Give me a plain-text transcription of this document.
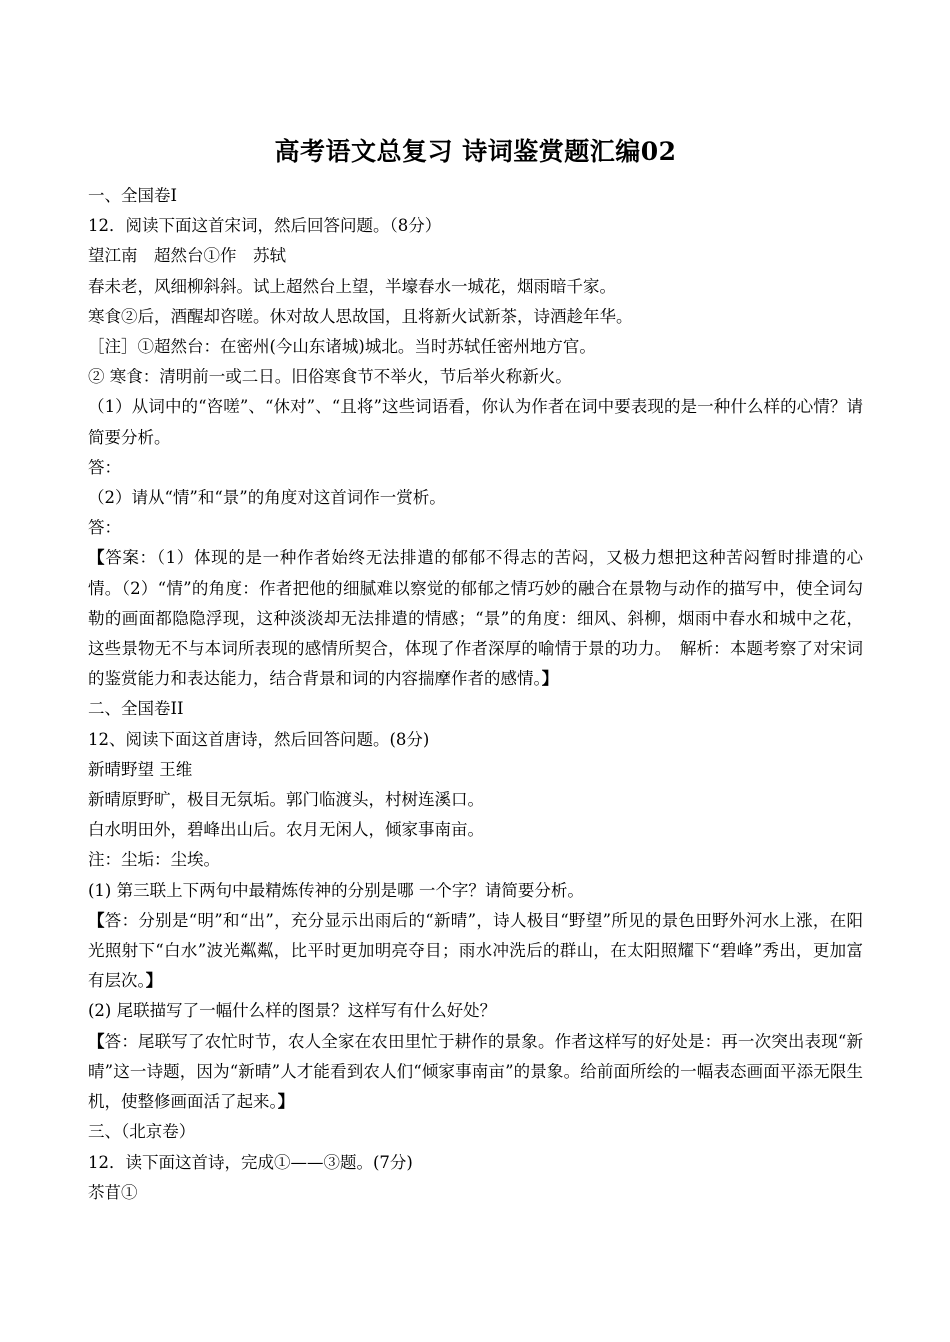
高考语文总复习 诗词鉴赏题汇编02

一、全国卷Ⅰ

12．阅读下面这首宋词，然后回答问题。（8分）

望江南　超然台①作　苏轼

春未老，风细柳斜斜。试上超然台上望，半壕春水一城花，烟雨暗千家。

寒食②后，酒醒却咨嗟。休对故人思故国，且将新火试新茶，诗酒趁年华。

［注］①超然台：在密州(今山东诸城)城北。当时苏轼任密州地方官。

② 寒食：清明前一或二日。旧俗寒食节不举火，节后举火称新火。

（1）从词中的“咨嗟”、“休对”、“且将”这些词语看，你认为作者在词中要表现的是一种什么样的心情？请简要分析。

答：

（2）请从“情”和“景”的角度对这首词作一赏析。

答：

【答案：（1）体现的是一种作者始终无法排遣的郁郁不得志的苦闷，又极力想把这种苦闷暂时排遣的心情。（2）“情”的角度：作者把他的细腻难以察觉的郁郁之情巧妙的融合在景物与动作的描写中，使全词勾勒的画面都隐隐浮现，这种淡淡却无法排遣的情感；“景”的角度：细风、斜柳，烟雨中春水和城中之花，这些景物无不与本词所表现的感情所契合，体现了作者深厚的喻情于景的功力。　解析：本题考察了对宋词的鉴赏能力和表达能力，结合背景和词的内容揣摩作者的感情。】

二、全国卷II

12、阅读下面这首唐诗，然后回答问题。(8分)

新晴野望 王维

新晴原野旷，极目无氛垢。郭门临渡头，村树连溪口。

白水明田外，碧峰出山后。农月无闲人，倾家事南亩。

注：尘垢：尘埃。

(1) 第三联上下两句中最精炼传神的分别是哪 一个字？请简要分析。

【答：分别是“明”和“出”，充分显示出雨后的“新晴”，诗人极目“野望”所见的景色田野外河水上涨，在阳光照射下“白水”波光粼粼，比平时更加明亮夺目；雨水冲洗后的群山，在太阳照耀下“碧峰”秀出，更加富有层次。】

(2) 尾联描写了一幅什么样的图景？这样写有什么好处？

【答：尾联写了农忙时节，农人全家在农田里忙于耕作的景象。作者这样写的好处是：再一次突出表现“新晴”这一诗题，因为“新晴”人才能看到农人们“倾家事南亩”的景象。给前面所绘的一幅表态画面平添无限生机，使整修画面活了起来。】

三、（北京卷）

12．读下面这首诗，完成①——③题。(7分)

苶苜①
